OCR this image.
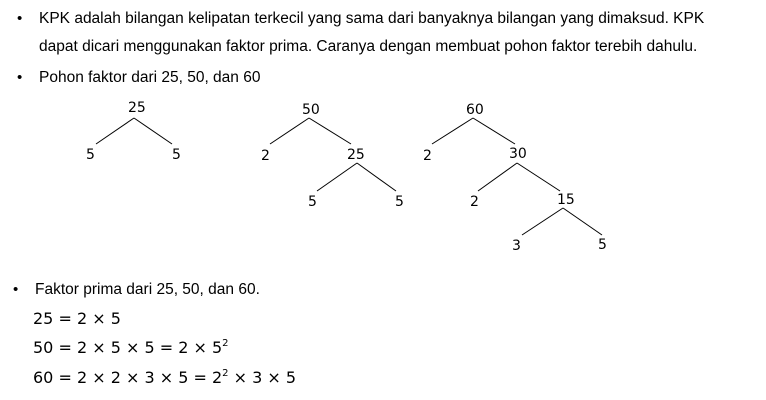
• KPK adalah bilangan kelipatan terkecil yang sama dari banyaknya bilangan yang dimaksud. KPK
dapat dicari menggunakan faktor prima. Caranya dengan membuat pohon faktor terebih dahulu.
• Pohon faktor dari 25, 50, dan 60
25
5	5
50
2	25
5	5
60
2	30
2	15
3	5
• Faktor prima dari 25, 50, dan 60.
25 = 2 × 5
$50 = 2 \times 5 \times 5 = 2 \times 5^2$
$60 = 2 \times 2 \times 3 \times 5 = 2^2 \times 3 \times 5$
